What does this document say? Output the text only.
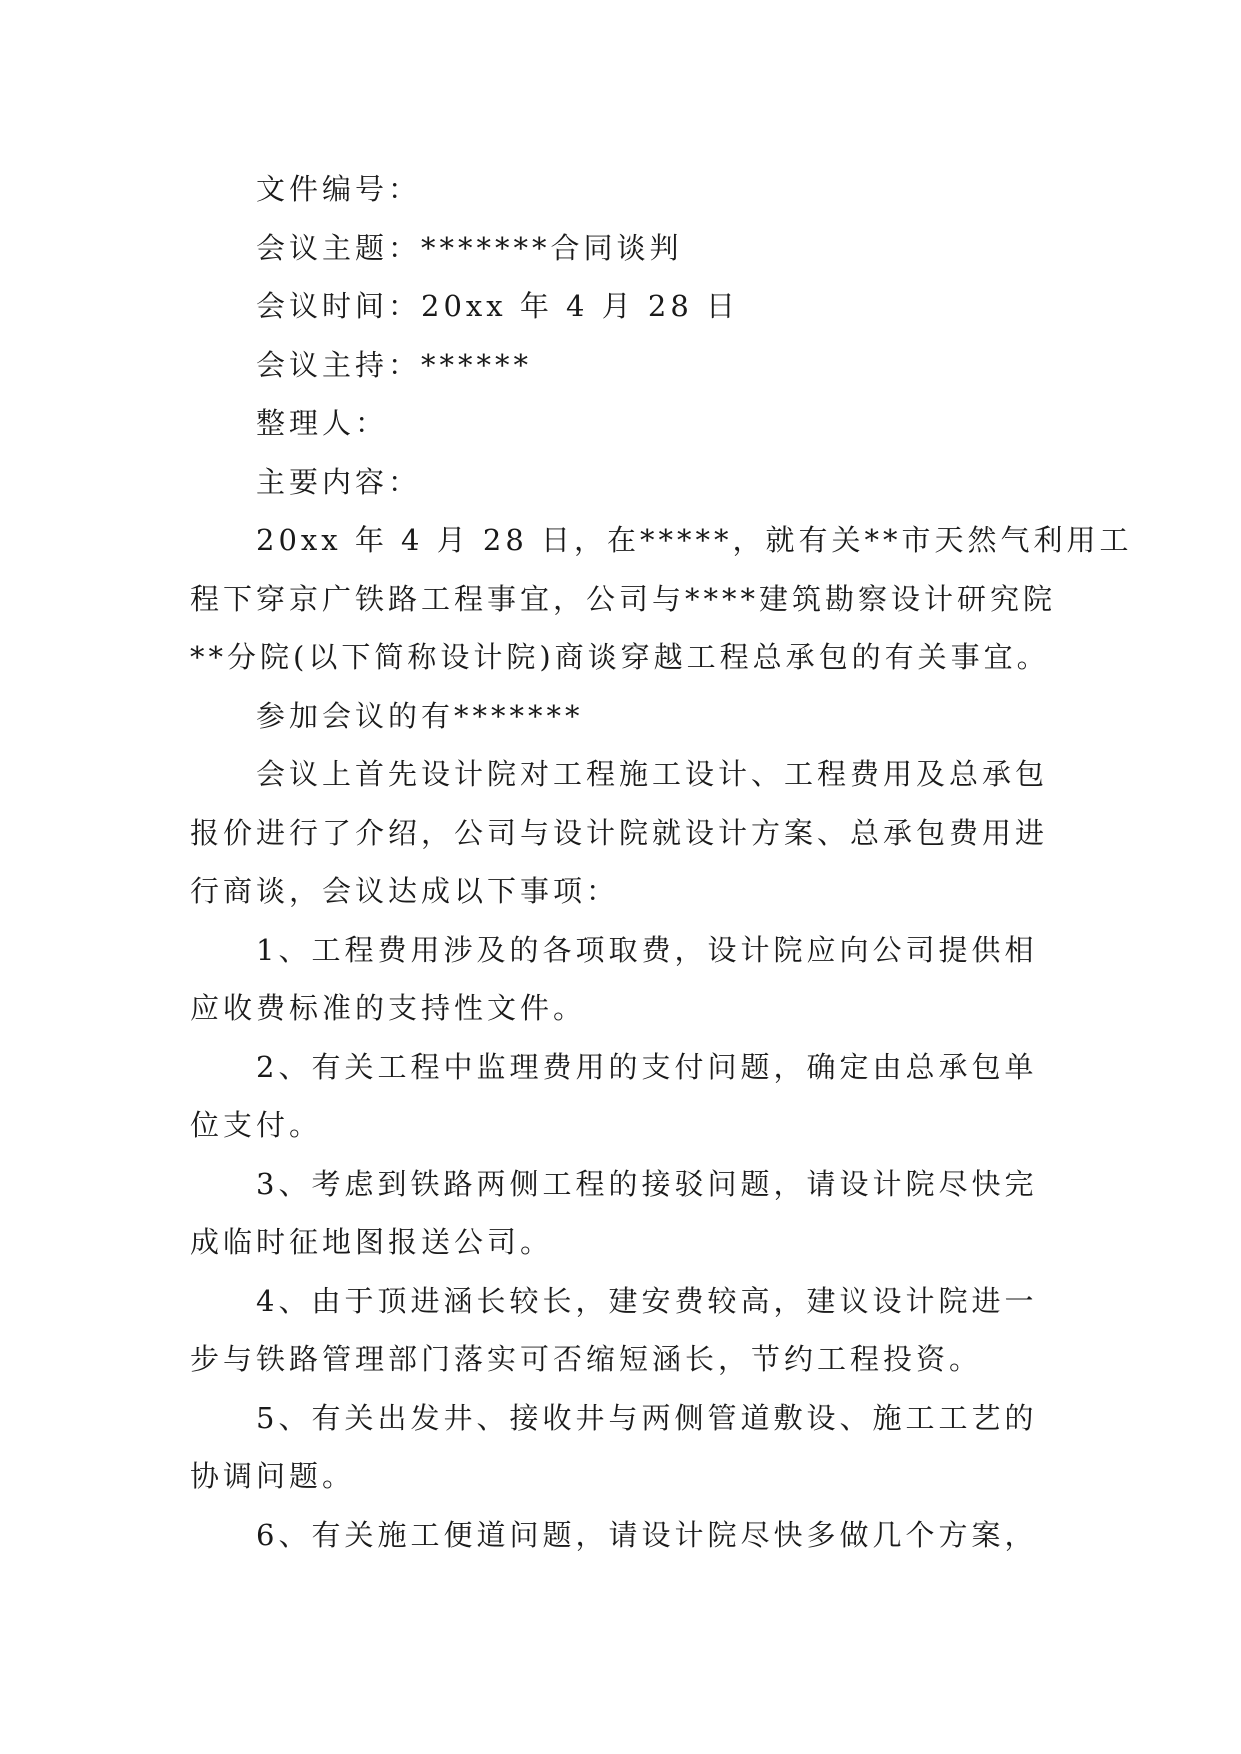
文件编号：

会议主题：*******合同谈判

会议时间：20xx 年 4 月 28 日

会议主持：******

整理人：

主要内容：

20xx 年 4 月 28 日，在*****，就有关**市天然气利用工

程下穿京广铁路工程事宜，公司与****建筑勘察设计研究院

**分院(以下简称设计院)商谈穿越工程总承包的有关事宜。

参加会议的有*******

会议上首先设计院对工程施工设计、工程费用及总承包

报价进行了介绍，公司与设计院就设计方案、总承包费用进

行商谈，会议达成以下事项：

1、工程费用涉及的各项取费，设计院应向公司提供相

应收费标准的支持性文件。

2、有关工程中监理费用的支付问题，确定由总承包单

位支付。

3、考虑到铁路两侧工程的接驳问题，请设计院尽快完

成临时征地图报送公司。

4、由于顶进涵长较长，建安费较高，建议设计院进一

步与铁路管理部门落实可否缩短涵长，节约工程投资。

5、有关出发井、接收井与两侧管道敷设、施工工艺的

协调问题。

6、有关施工便道问题，请设计院尽快多做几个方案，
